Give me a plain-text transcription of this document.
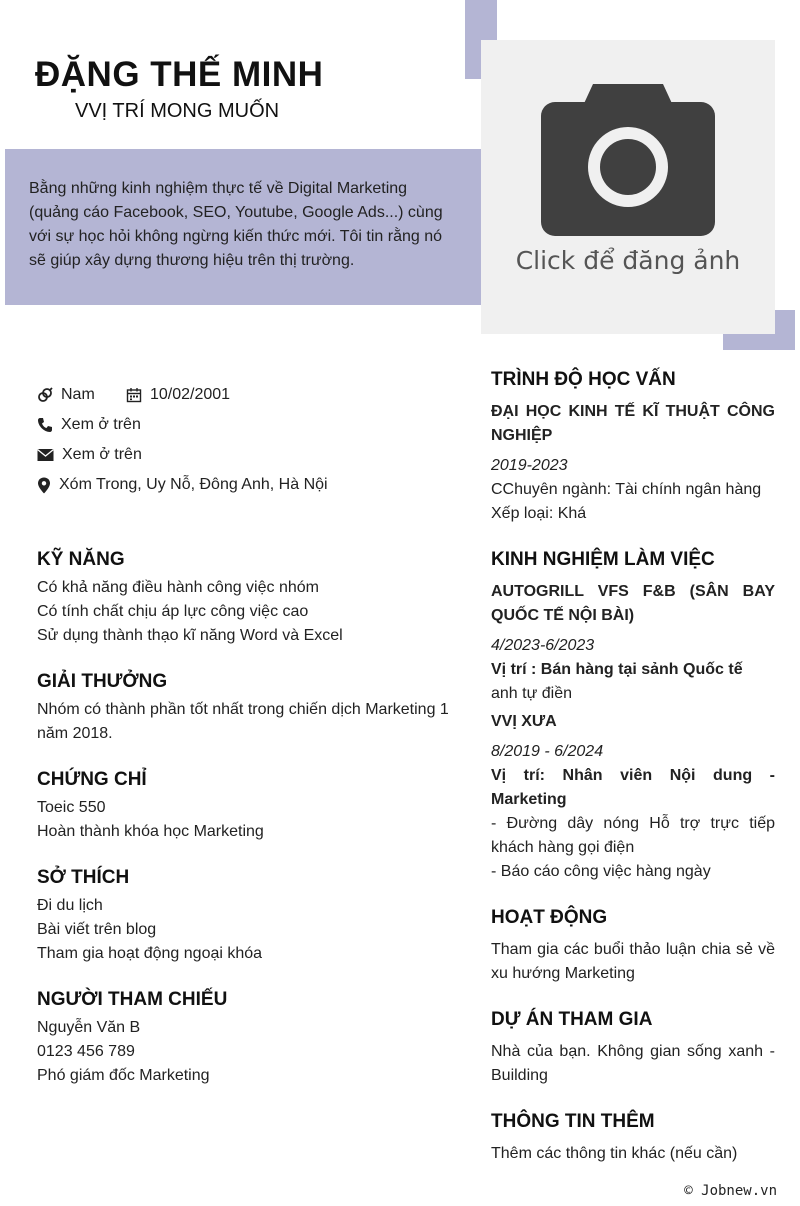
ĐẶNG THẾ MINH
VVỊ TRÍ MONG MUỐN
Bằng những kinh nghiệm thực tế về Digital Marketing (quảng cáo Facebook, SEO, Youtube, Google Ads...) cùng với sự học hỏi không ngừng kiến thức mới. Tôi tin rằng nó sẽ giúp xây dựng thương hiệu trên thị trường.	Click để đăng ảnh
Nam	10/02/2001
Xem ở trên
Xem ở trên
Xóm Trong, Uy Nỗ, Đông Anh, Hà Nội
KỸ NĂNG
Có khả năng điều hành công việc nhóm
Có tính chất chịu áp lực công việc cao
Sử dụng thành thạo kĩ năng Word và Excel
GIẢI THƯỞNG
Nhóm có thành phần tốt nhất trong chiến dịch Marketing 1 năm 2018.
CHỨNG CHỈ
Toeic 550
Hoàn thành khóa học Marketing
SỞ THÍCH
Đi du lịch
Bài viết trên blog
Tham gia hoạt động ngoại khóa
NGƯỜI THAM CHIẾU
Nguyễn Văn B
0123 456 789
Phó giám đốc Marketing
TRÌNH ĐỘ HỌC VẤN
ĐẠI HỌC KINH TẾ KĨ THUẬT CÔNG NGHIỆP
2019-2023
CChuyên ngành: Tài chính ngân hàng
Xếp loại: Khá
KINH NGHIỆM LÀM VIỆC
AUTOGRILL VFS F&B (SÂN BAY QUỐC TẾ NỘI BÀI)
4/2023-6/2023
Vị trí : Bán hàng tại sảnh Quốc tế
anh tự điền
VVỊ XƯA
8/2019 - 6/2024
Vị trí: Nhân viên Nội dung - Marketing
- Đường dây nóng Hỗ trợ trực tiếp khách hàng gọi điện
- Báo cáo công việc hàng ngày
HOẠT ĐỘNG
Tham gia các buổi thảo luận chia sẻ về xu hướng Marketing
DỰ ÁN THAM GIA
Nhà của bạn. Không gian sống xanh - Building
THÔNG TIN THÊM
Thêm các thông tin khác (nếu cần)
© Jobnew.vn
